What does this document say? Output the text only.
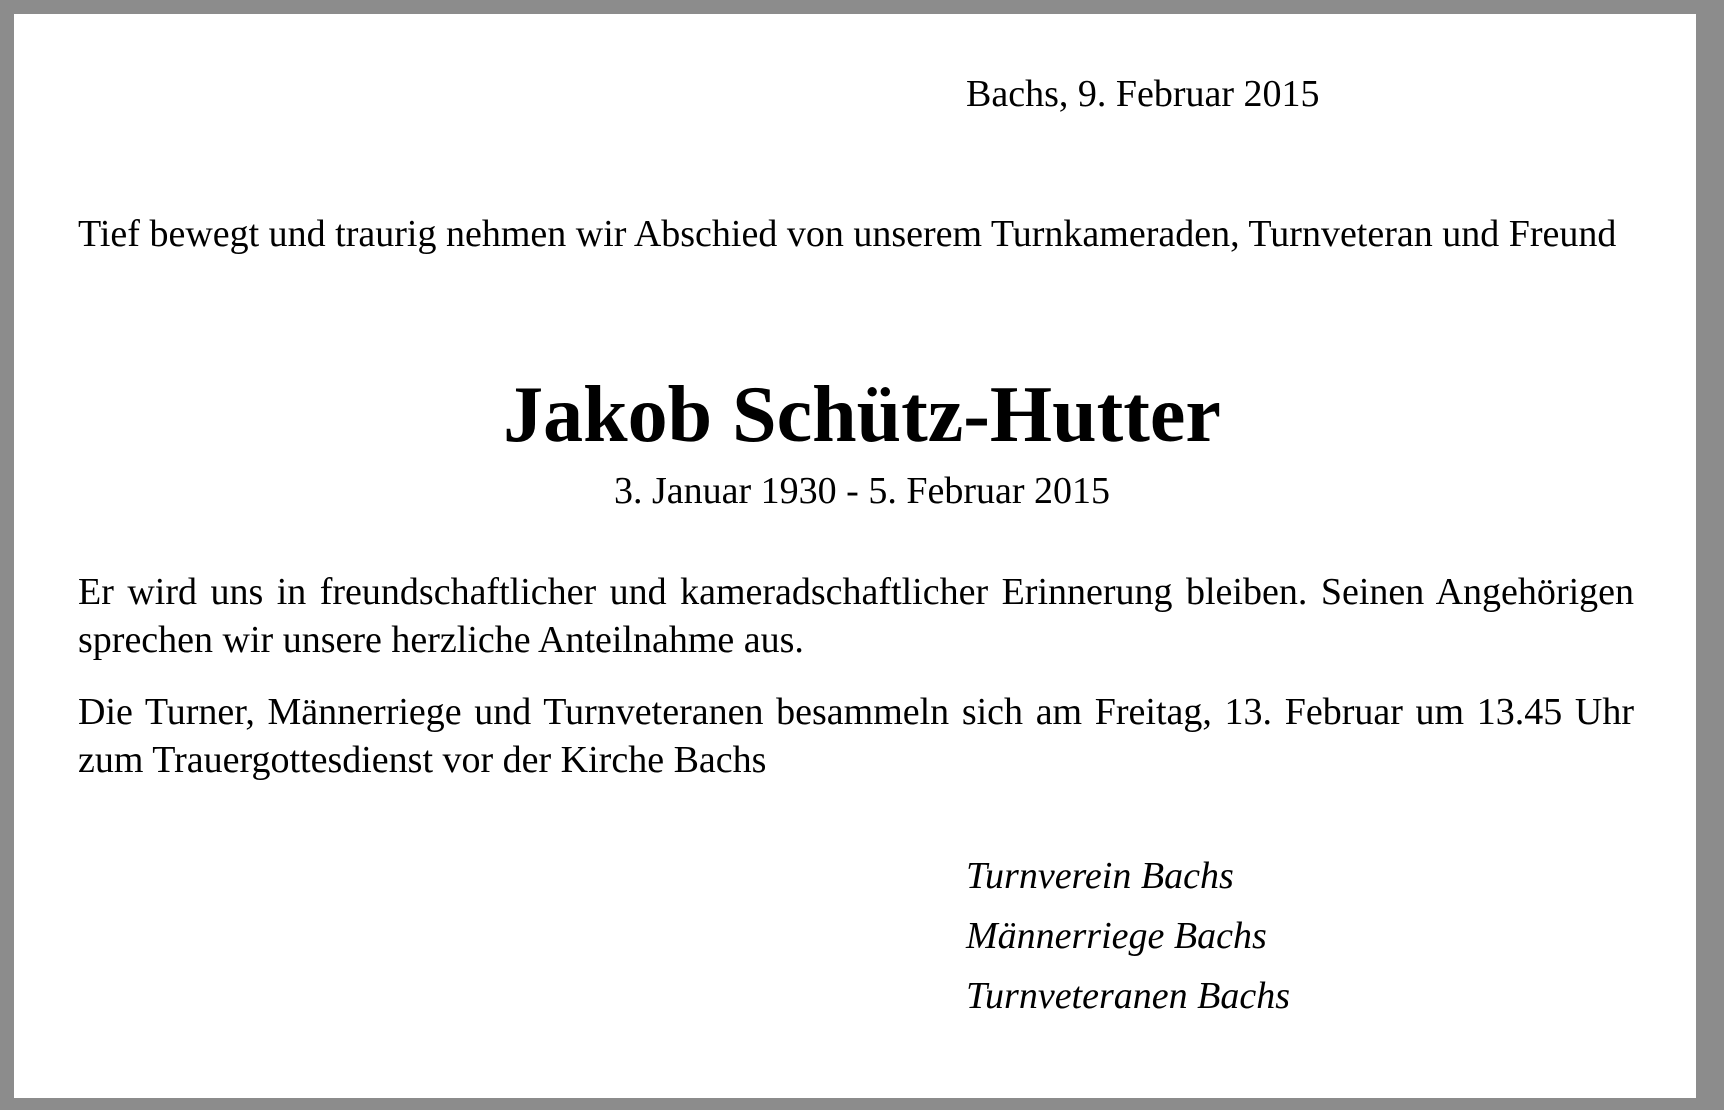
Bachs, 9. Februar 2015
Tief bewegt und traurig nehmen wir Abschied von unserem Turnkameraden, Turnveteran und Freund
Jakob Schütz-Hutter
3. Januar 1930 - 5. Februar 2015
Er wird uns in freundschaftlicher und kameradschaftlicher Erinnerung bleiben. Seinen Angehörigen sprechen wir unsere herzliche Anteilnahme aus.
Die Turner, Männerriege und Turnveteranen besammeln sich am Freitag, 13. Februar um 13.45 Uhr zum Trauergottesdienst vor der Kirche Bachs
Turnverein Bachs
Männerriege Bachs
Turnveteranen Bachs
